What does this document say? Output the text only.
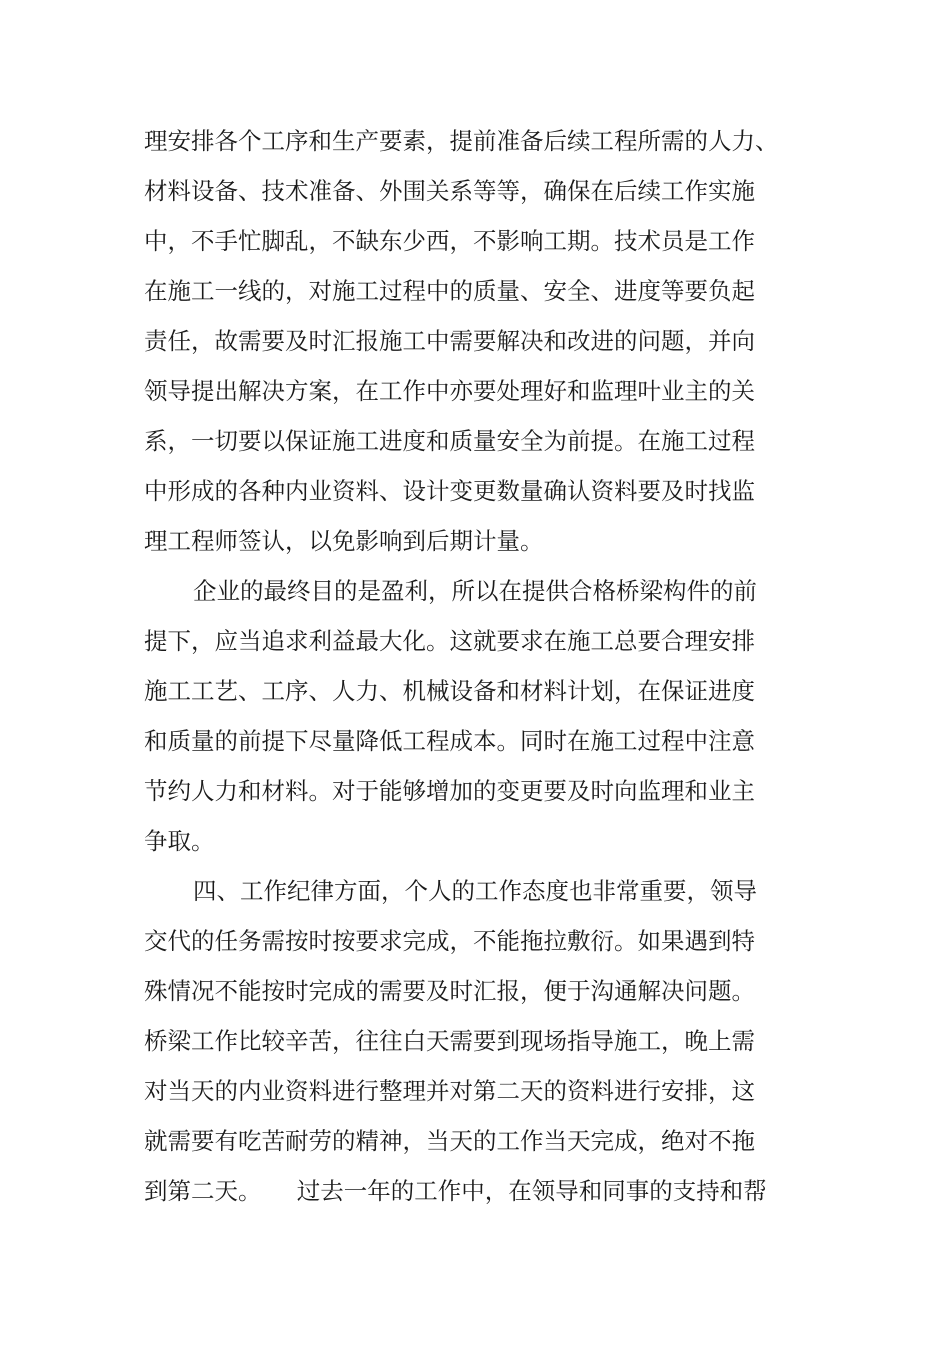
理安排各个工序和生产要素，提前准备后续工程所需的人力、
材料设备、技术准备、外围关系等等，确保在后续工作实施
中，不手忙脚乱，不缺东少西，不影响工期。技术员是工作
在施工一线的，对施工过程中的质量、安全、进度等要负起
责任，故需要及时汇报施工中需要解决和改进的问题，并向
领导提出解决方案，在工作中亦要处理好和监理叶业主的关
系，一切要以保证施工进度和质量安全为前提。在施工过程
中形成的各种内业资料、设计变更数量确认资料要及时找监
理工程师签认，以免影响到后期计量。
企业的最终目的是盈利，所以在提供合格桥梁构件的前
提下，应当追求利益最大化。这就要求在施工总要合理安排
施工工艺、工序、人力、机械设备和材料计划，在保证进度
和质量的前提下尽量降低工程成本。同时在施工过程中注意
节约人力和材料。对于能够增加的变更要及时向监理和业主
争取。
四、工作纪律方面，个人的工作态度也非常重要，领导
交代的任务需按时按要求完成，不能拖拉敷衍。如果遇到特
殊情况不能按时完成的需要及时汇报，便于沟通解决问题。
桥梁工作比较辛苦，往往白天需要到现场指导施工，晚上需
对当天的内业资料进行整理并对第二天的资料进行安排，这
就需要有吃苦耐劳的精神，当天的工作当天完成，绝对不拖
到第二天。　　过去一年的工作中，在领导和同事的支持和帮
